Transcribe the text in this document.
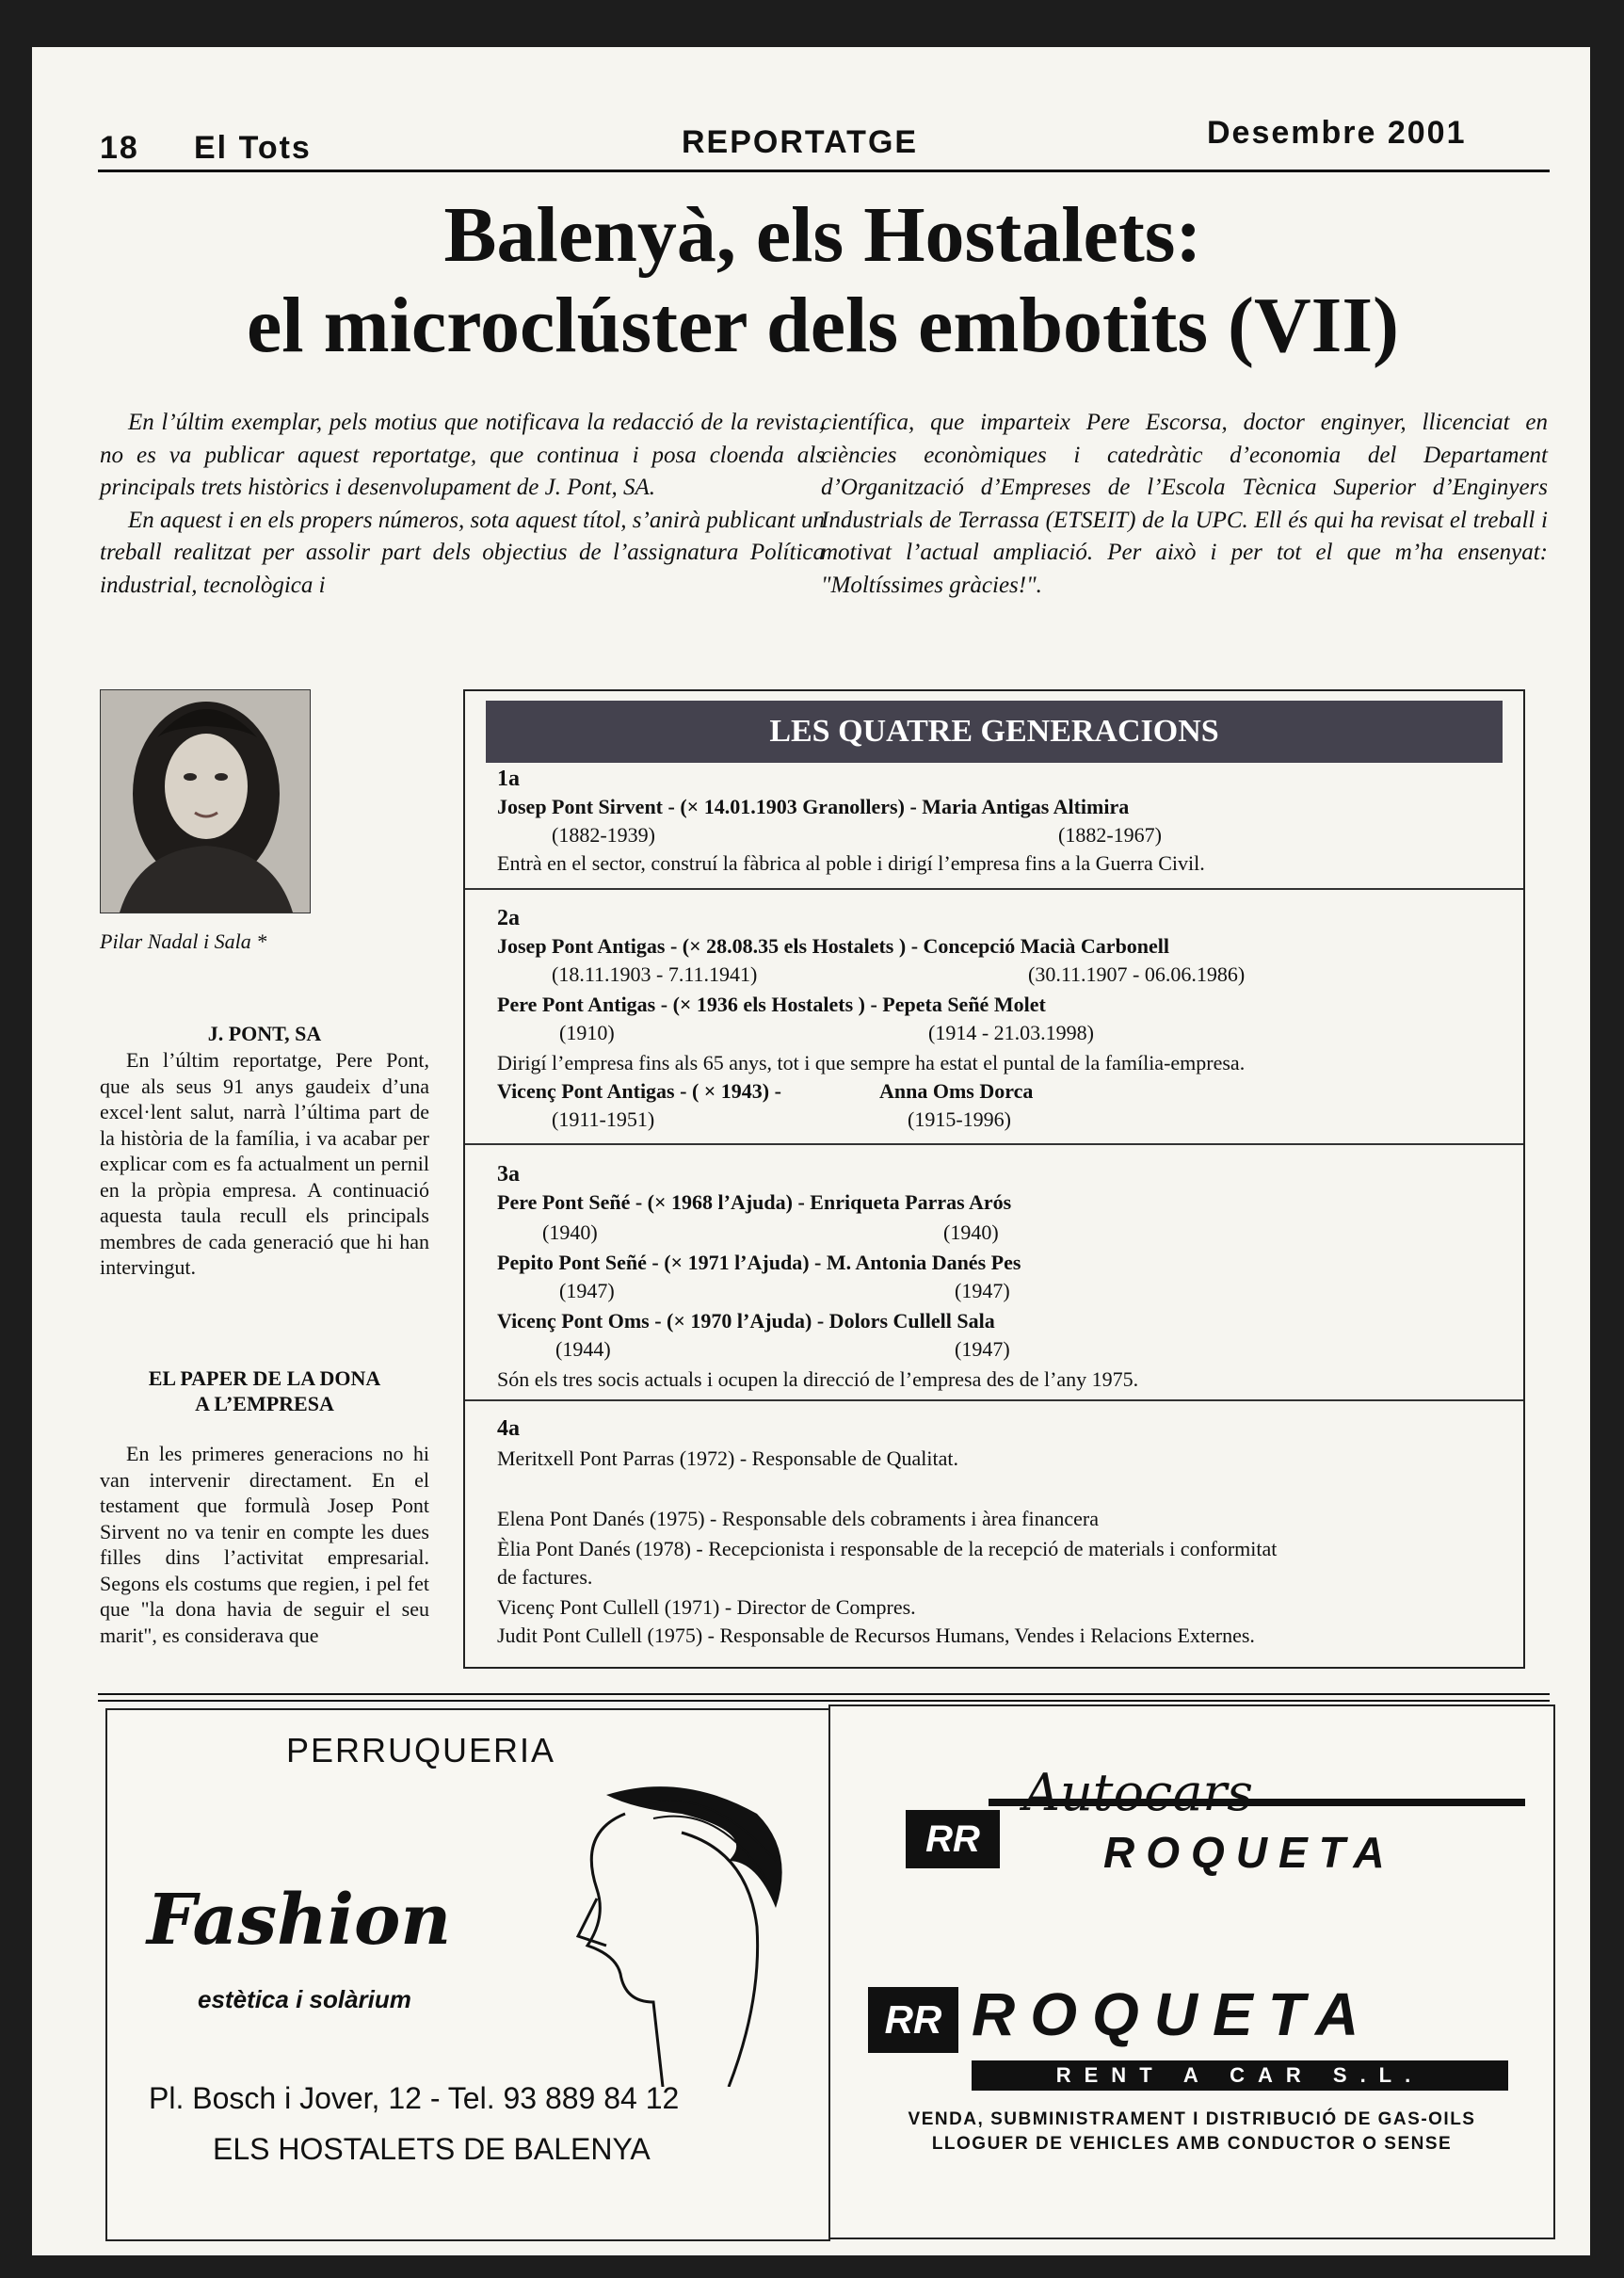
18 El Tots	REPORTATGE	Desembre 2001
Balenyà, els Hostalets:
el microclúster dels embotits (VII)

En l’últim exemplar, pels motius que notificava la redacció de la revista, no es va publicar aquest reportatge, que continua i posa cloenda als principals trets històrics i desenvolupament de J. Pont, SA.

En aquest i en els propers números, sota aquest títol, s’anirà publicant un treball realitzat per assolir part dels objectius de l’assignatura Política industrial, tecnològica i

científica, que imparteix Pere Escorsa, doctor enginyer, llicenciat en ciències econòmiques i catedràtic d’economia del Departament d’Organització d’Empreses de l’Escola Tècnica Superior d’Enginyers Industrials de Terrassa (ETSEIT) de la UPC. Ell és qui ha revisat el treball i motivat l’actual ampliació. Per això i per tot el que m’ha ensenyat: "Moltíssimes gràcies!".

Pilar Nadal i Sala *
J. PONT, SA

En l’últim reportatge, Pere Pont, que als seus 91 anys gaudeix d’una excel·lent salut, narrà l’última part de la història de la família, i va acabar per explicar com es fa actualment un pernil en la pròpia empresa. A continuació aquesta taula recull els principals membres de cada generació que hi han intervingut.

EL PAPER DE LA DONA
A L’EMPRESA

En les primeres generacions no hi van intervenir directament. En el testament que formulà Josep Pont Sirvent no va tenir en compte les dues filles dins l’activitat empresarial. Segons els costums que regien, i pel fet que "la dona havia de seguir el seu marit", es considerava que

LES QUATRE GENERACIONS
1a
Josep Pont Sirvent - (× 14.01.1903 Granollers) - Maria Antigas Altimira
(1882-1939)	(1882-1967)
Entrà en el sector, construí la fàbrica al poble i dirigí l’empresa fins a la Guerra Civil.
2a
Josep Pont Antigas - (× 28.08.35 els Hostalets ) - Concepció Macià Carbonell
(18.11.1903 - 7.11.1941)	(30.11.1907 - 06.06.1986)
Pere Pont Antigas - (× 1936 els Hostalets ) - Pepeta Señé Molet
(1910)	(1914 - 21.03.1998)
Dirigí l’empresa fins als 65 anys, tot i que sempre ha estat el puntal de la família-empresa.
Vicenç Pont Antigas - ( × 1943) -	Anna Oms Dorca
(1911-1951)	(1915-1996)
3a
Pere Pont Señé - (× 1968 l’Ajuda) - Enriqueta Parras Arós
(1940)	(1940)
Pepito Pont Señé - (× 1971 l’Ajuda) - M. Antonia Danés Pes
(1947)	(1947)
Vicenç Pont Oms - (× 1970 l’Ajuda) - Dolors Cullell Sala
(1944)	(1947)
Són els tres socis actuals i ocupen la direcció de l’empresa des de l’any 1975.
4a
Meritxell Pont Parras (1972) - Responsable de Qualitat.
Elena Pont Danés (1975) - Responsable dels cobraments i àrea financera
Èlia Pont Danés (1978) - Recepcionista i responsable de la recepció de materials i conformitat
de factures.
Vicenç Pont Cullell (1971) - Director de Compres.
Judit Pont Cullell (1975) - Responsable de Recursos Humans, Vendes i Relacions Externes.
PERRUQUERIA
Fashion
estètica i solàrium
Pl. Bosch i Jover, 12 - Tel. 93 889 84 12
ELS HOSTALETS DE BALENYA
RR
Autocars
ROQUETA
RR ROQUETA
RENT A CAR S.L.
VENDA, SUBMINISTRAMENT I DISTRIBUCIÓ DE GAS-OILS
LLOGUER DE VEHICLES AMB CONDUCTOR O SENSE
